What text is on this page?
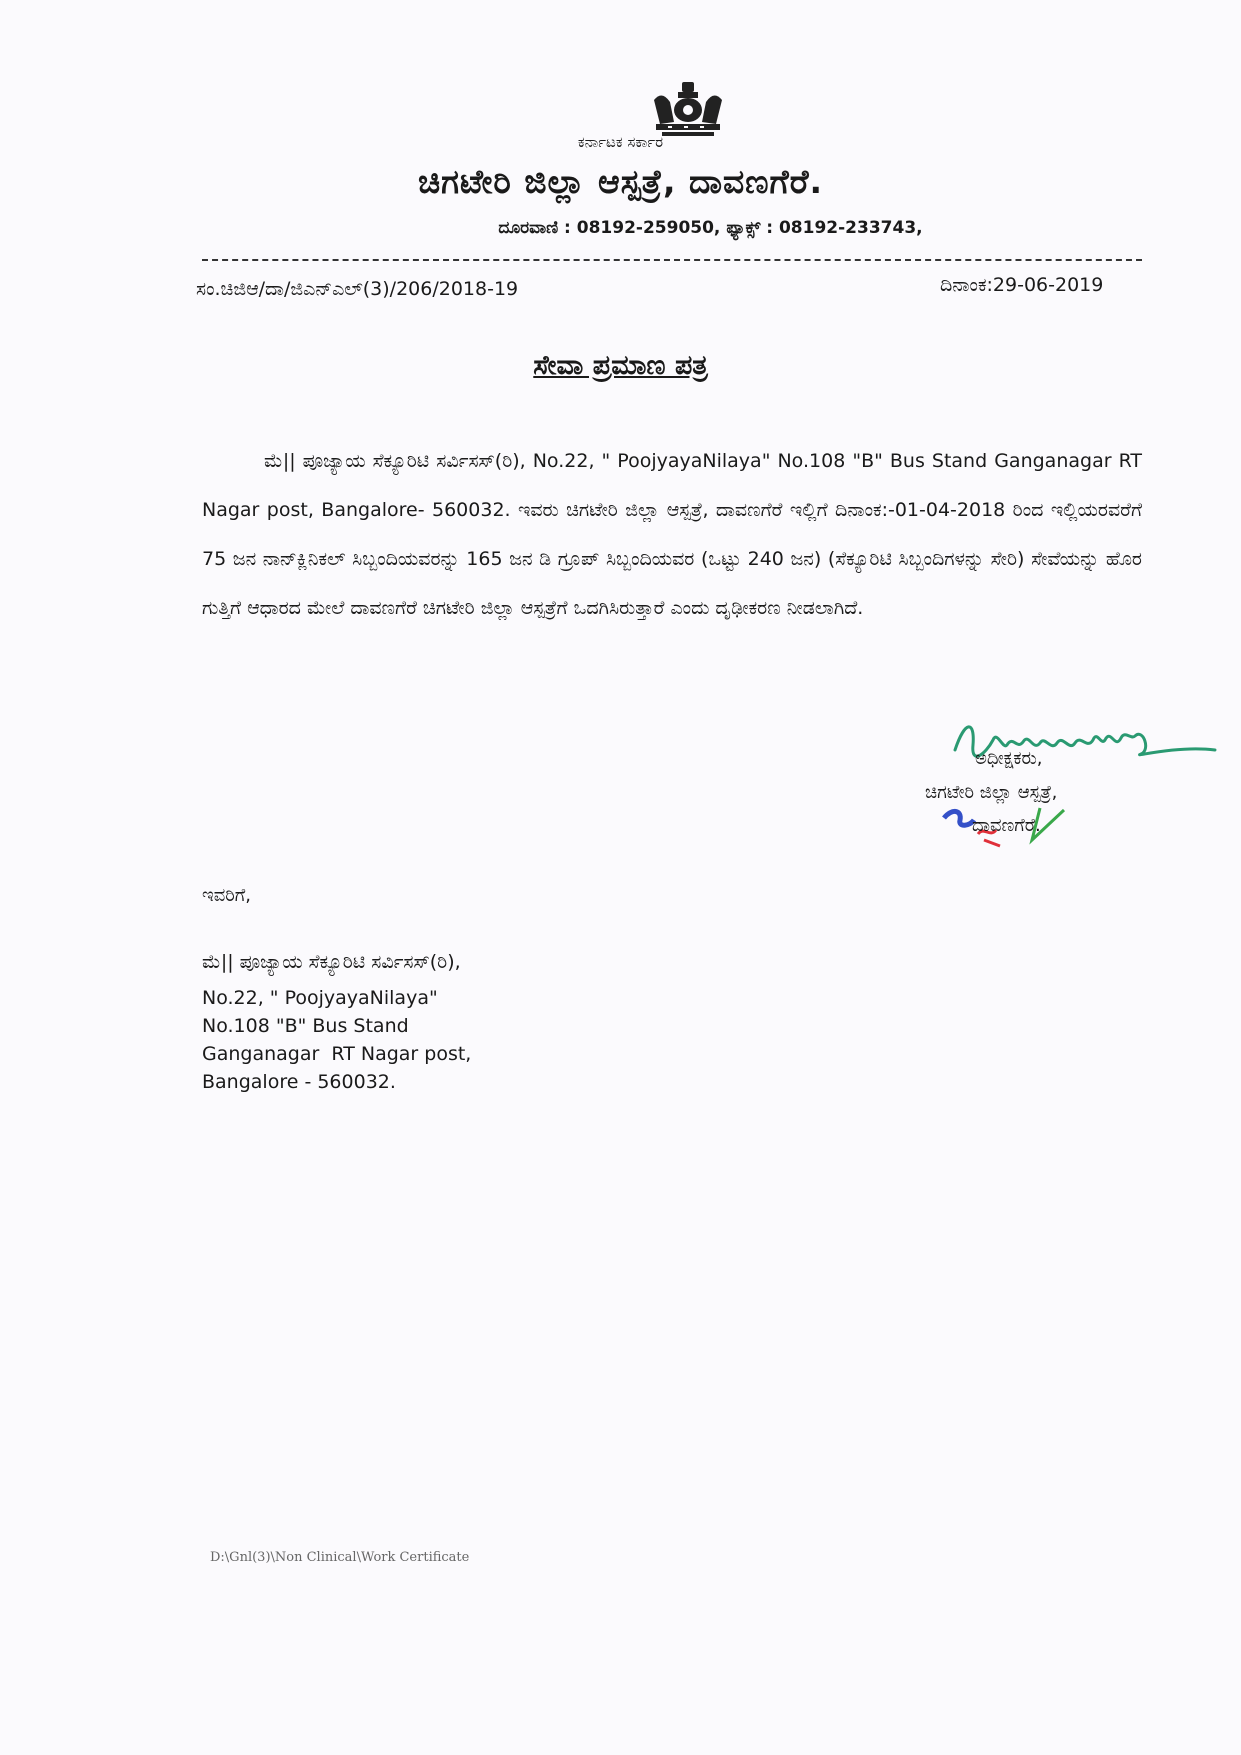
ಕರ್ನಾಟಕ ಸರ್ಕಾರ
ಚಿಗಟೇರಿ ಜಿಲ್ಲಾ ಆಸ್ಪತ್ರೆ, ದಾವಣಗೆರೆ.
ದೂರವಾಣಿ : 08192-259050, ಫ್ಯಾಕ್ಸ್ : 08192-233743,
ಸಂ.ಚಿಜಿಆ/ದಾ/ಜಿಎನ್‌ಎಲ್(3)/206/2018-19	ದಿನಾಂಕ:29-06-2019
ಸೇವಾ ಪ್ರಮಾಣ ಪತ್ರ
ಮೆ|| ಪೂಜ್ಯಾಯ ಸೆಕ್ಯೂರಿಟಿ ಸರ್ವಿಸಸ್(ರಿ), No.22, " PoojyayaNilaya" No.108 "B" Bus Stand Ganganagar RT Nagar post, Bangalore- 560032. ಇವರು ಚಿಗಟೇರಿ ಜಿಲ್ಲಾ ಆಸ್ಪತ್ರೆ, ದಾವಣಗೆರೆ ಇಲ್ಲಿಗೆ ದಿನಾಂಕ:-01-04-2018 ರಿಂದ ಇಲ್ಲಿಯರವರೆಗೆ 75 ಜನ ನಾನ್‌ಕ್ಲಿನಿಕಲ್ ಸಿಬ್ಬಂದಿಯವರನ್ನು 165 ಜನ ಡಿ ಗ್ರೂಪ್ ಸಿಬ್ಬಂದಿಯವರ (ಒಟ್ಟು 240 ಜನ) (ಸೆಕ್ಯೂರಿಟಿ ಸಿಬ್ಬಂದಿಗಳನ್ನು ಸೇರಿ) ಸೇವೆಯನ್ನು ಹೊರ ಗುತ್ತಿಗೆ ಆಧಾರದ ಮೇಲೆ ದಾವಣಗೆರೆ ಚಿಗಟೇರಿ ಜಿಲ್ಲಾ ಆಸ್ಪತ್ರೆಗೆ ಒದಗಿಸಿರುತ್ತಾರೆ ಎಂದು ದೃಢೀಕರಣ ನೀಡಲಾಗಿದೆ.
ಅಧೀಕ್ಷಕರು,
ಚಿಗಟೇರಿ ಜಿಲ್ಲಾ ಆಸ್ಪತ್ರೆ,
ದಾವಣಗೆರೆ.
ಇವರಿಗೆ,
ಮೆ|| ಪೂಜ್ಯಾಯ ಸೆಕ್ಯೂರಿಟಿ ಸರ್ವಿಸಸ್(ರಿ),
No.22, " PoojyayaNilaya"
No.108 "B" Bus Stand
Ganganagar  RT Nagar post,
Bangalore - 560032.
D:\Gnl(3)\Non Clinical\Work Certificate
